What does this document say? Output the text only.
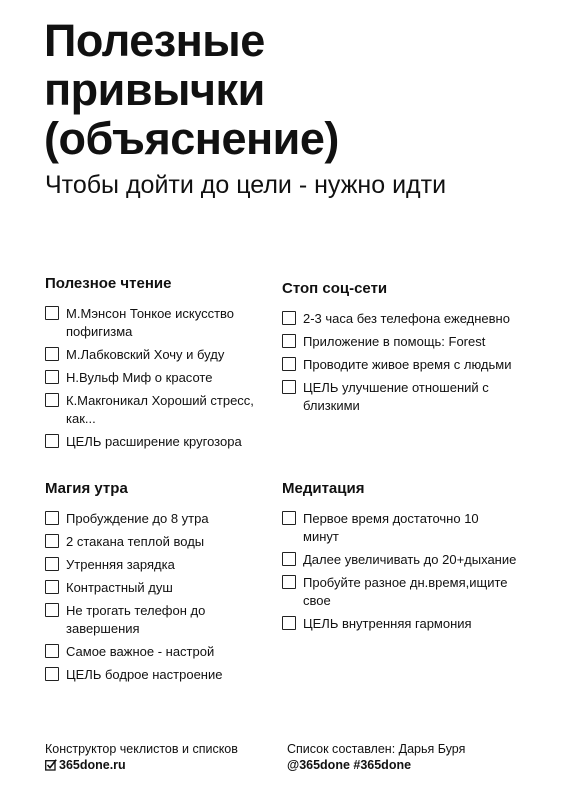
Полезные
привычки
(объяснение)

Чтобы дойти до цели - нужно идти

Полезное чтение
М.Мэнсон Тонкое искусство пофигизма
М.Лабковский Хочу и буду
Н.Вульф Миф о красоте
К.Макгоникал Хороший стресс, как...
ЦЕЛЬ расширение кругозора
Стоп соц-сети
2-3 часа без телефона ежедневно
Приложение в помощь: Forest
Проводите живое время с людьми
ЦЕЛЬ улучшение отношений с близкими
Магия утра
Пробуждение до 8 утра
2 стакана теплой воды
Утренняя зарядка
Контрастный душ
Не трогать телефон до завершения
Самое важное - настрой
ЦЕЛЬ бодрое настроение
Медитация
Первое время достаточно 10 минут
Далее увеличивать до 20+дыхание
Пробуйте разное дн.время,ищите свое
ЦЕЛЬ внутренняя гармония
Конструктор чеклистов и списков
365done.ru
Список составлен: Дарья Буря
@365done #365done
